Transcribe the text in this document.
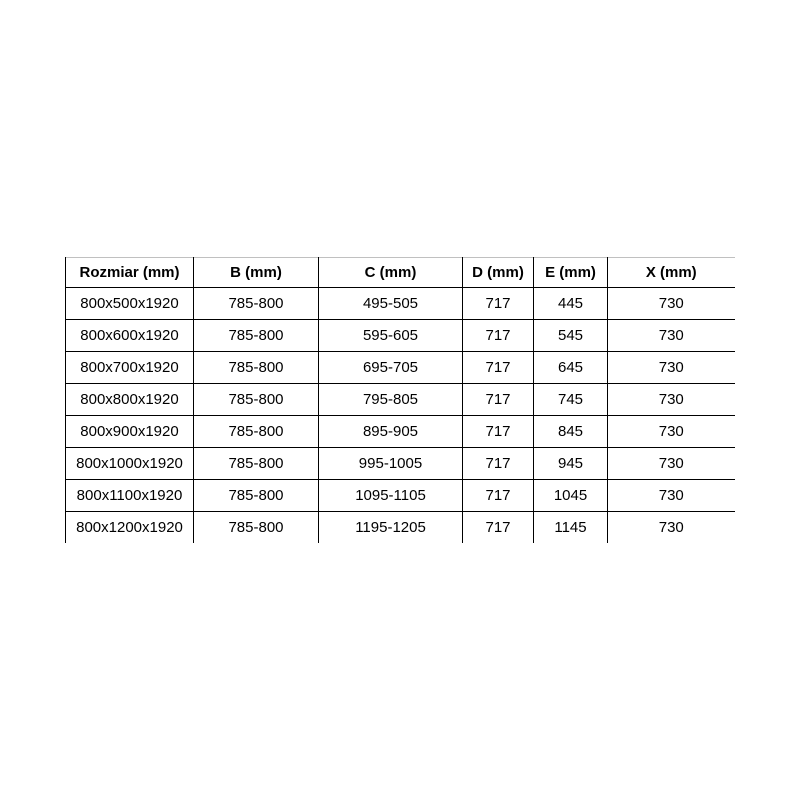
Rozmiar (mm)	B (mm)	C (mm)	D (mm)	E (mm)	X (mm)
800x500x1920	785-800	495-505	717	445	730
800x600x1920	785-800	595-605	717	545	730
800x700x1920	785-800	695-705	717	645	730
800x800x1920	785-800	795-805	717	745	730
800x900x1920	785-800	895-905	717	845	730
800x1000x1920	785-800	995-1005	717	945	730
800x1100x1920	785-800	1095-1105	717	1045	730
800x1200x1920	785-800	1195-1205	717	1145	730
